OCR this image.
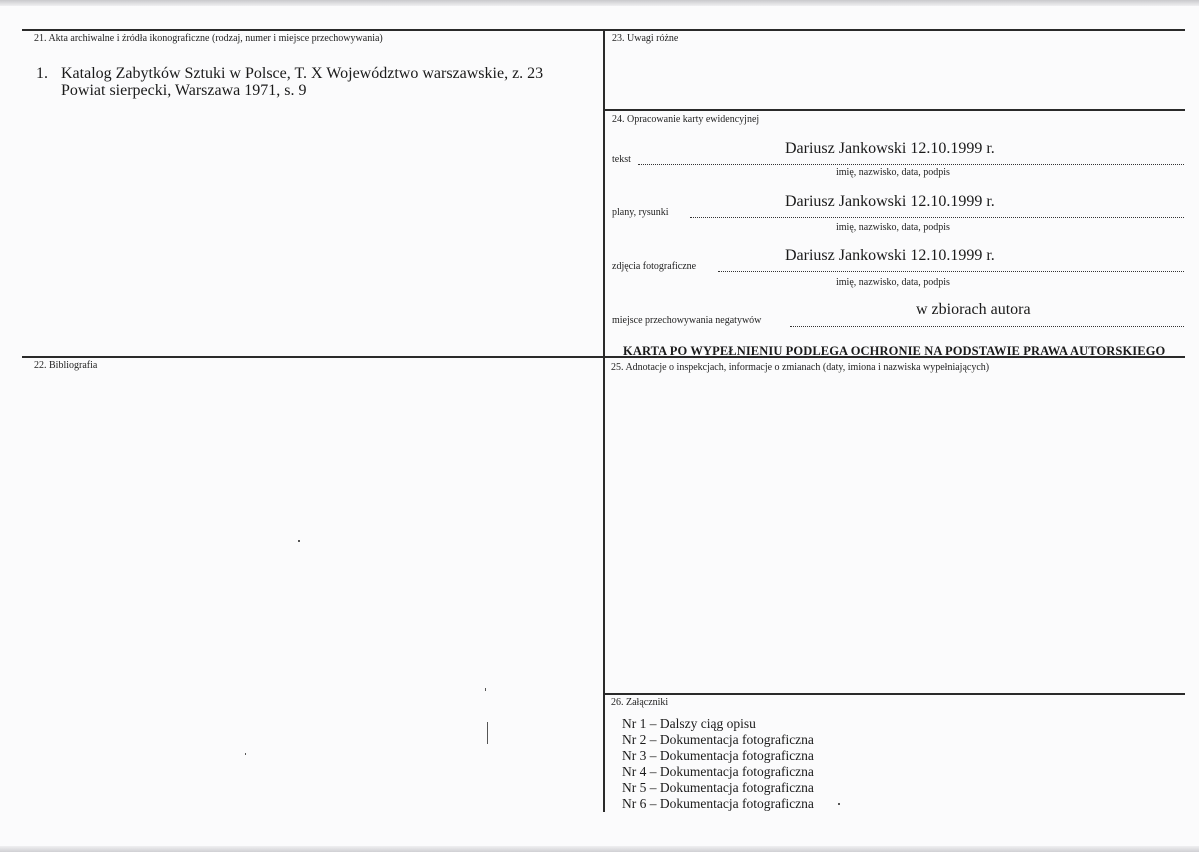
21. Akta archiwalne i źródła ikonograficzne (rodzaj, numer i miejsce przechowywania)
1. Katalog Zabytków Sztuki w Polsce, T. X Województwo warszawskie, z. 23
Powiat sierpecki, Warszawa 1971, s. 9
22. Bibliografia
23. Uwagi różne
24. Opracowanie karty ewidencyjnej
tekst
Dariusz Jankowski 12.10.1999 r.
imię, nazwisko, data, podpis
plany, rysunki
Dariusz Jankowski 12.10.1999 r.
imię, nazwisko, data, podpis
zdjęcia fotograficzne
Dariusz Jankowski 12.10.1999 r.
imię, nazwisko, data, podpis
miejsce przechowywania negatywów
w zbiorach autora
KARTA PO WYPEŁNIENIU PODLEGA OCHRONIE NA PODSTAWIE PRAWA AUTORSKIEGO
25. Adnotacje o inspekcjach, informacje o zmianach (daty, imiona i nazwiska wypełniających)
26. Załączniki
Nr 1 – Dalszy ciąg opisu
Nr 2 – Dokumentacja fotograficzna
Nr 3 – Dokumentacja fotograficzna
Nr 4 – Dokumentacja fotograficzna
Nr 5 – Dokumentacja fotograficzna
Nr 6 – Dokumentacja fotograficzna
